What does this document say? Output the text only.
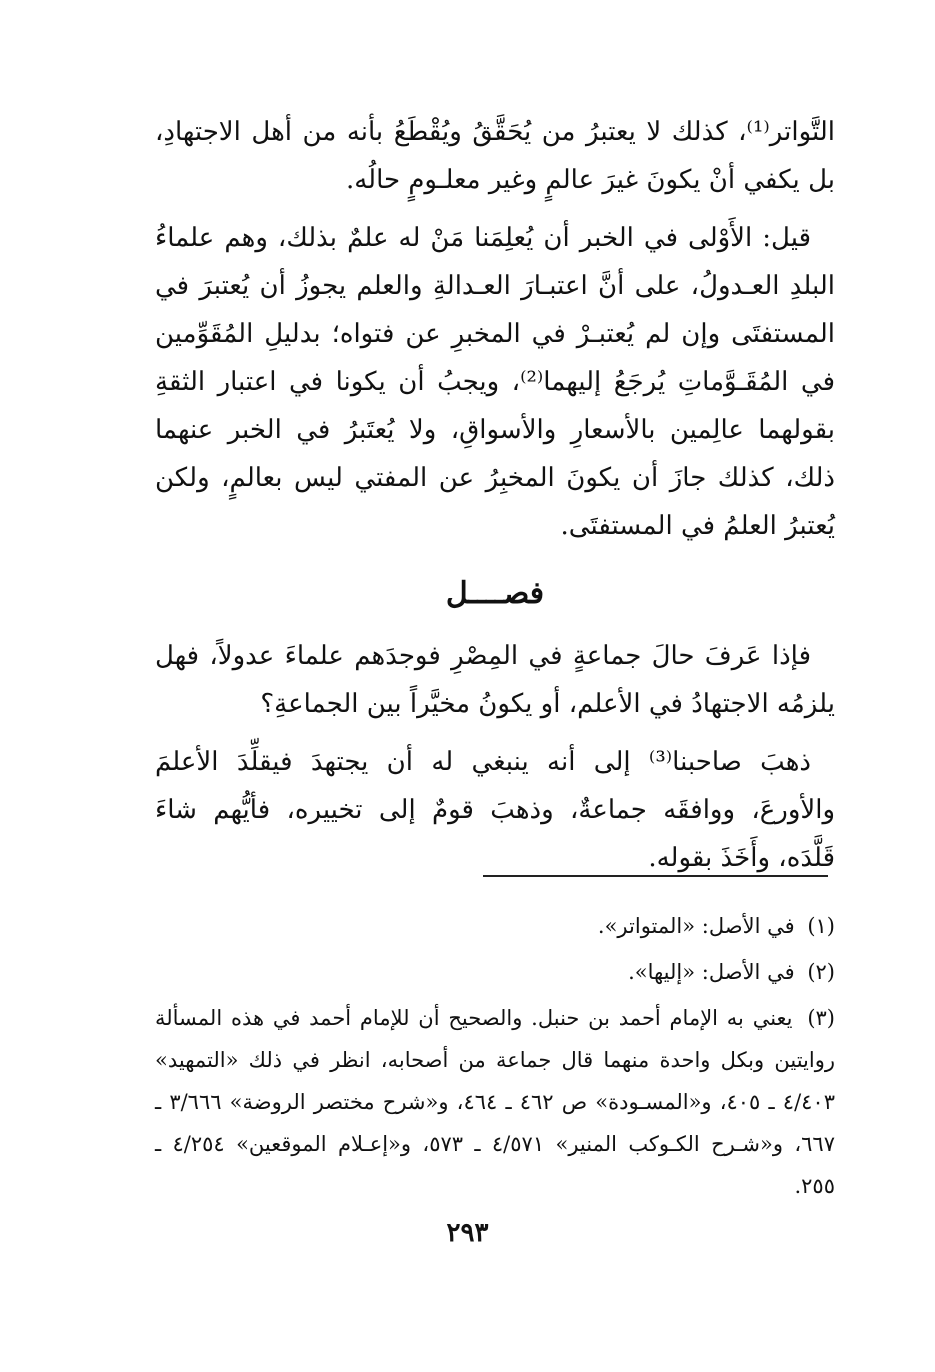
التَّواتر⁽¹⁾، كذلك لا يعتبرُ من يُحَقَّقُ ويُقْطَعُ بأنه من أهل الاجتهادِ، بل يكفي أنْ يكونَ غيرَ عالمٍ وغير معلـومٍ حالُه.

قيل: الأَوْلى في الخبر أن يُعلِمَنا مَنْ له علمٌ بذلك، وهم علماءُ البلدِ العـدولُ، على أنَّ اعتبـارَ العـدالةِ والعلم يجوزُ أن يُعتبرَ في المستفتَى وإن لم يُعتبـرْ في المخبرِ عن فتواه؛ بدليلِ المُقَوِّمين في المُقَـوَّماتِ يُرجَعُ إليهما⁽²⁾، ويجبُ أن يكونا في اعتبار الثقةِ بقولهما عالِمين بالأسعارِ والأسواقِ، ولا يُعتَبرُ في الخبر عنهما ذلك، كذلك جازَ أن يكونَ المخبِرُ عن المفتي ليس بعالمٍ، ولكن يُعتبرُ العلمُ في المستفتَى.

فصــــل

فإذا عَرفَ حالَ جماعةٍ في المِصْرِ فوجدَهم علماءَ عدولاً، فهل يلزمُه الاجتهادُ في الأعلم، أو يكونُ مخيَّراً بين الجماعةِ؟

ذهبَ صاحبنا⁽³⁾ إلى أنه ينبغي له أن يجتهدَ فيقلِّدَ الأعلمَ والأورعَ، ووافقَه جماعةٌ، وذهبَ قومٌ إلى تخييره، فأيُّهم شاءَ قَلَّدَه، وأَخَذَ بقوله.

(١) في الأصل: «المتواتر».
(٢) في الأصل: «إليها».
(٣) يعني به الإمام أحمد بن حنبل. والصحيح أن للإمام أحمد في هذه المسألة روايتين وبكل واحدة منهما قال جماعة من أصحابه، انظر في ذلك «التمهيد» ٤/٤٠٣ ـ ٤٠٥، و«المسـودة» ص ٤٦٢ ـ ٤٦٤، و«شرح مختصر الروضة» ٣/٦٦٦ ـ ٦٦٧، و«شـرح الكـوكب المنير» ٤/٥٧١ ـ ٥٧٣، و«إعـلام الموقعين» ٤/٢٥٤ ـ ٢٥٥.
٢٩٣
